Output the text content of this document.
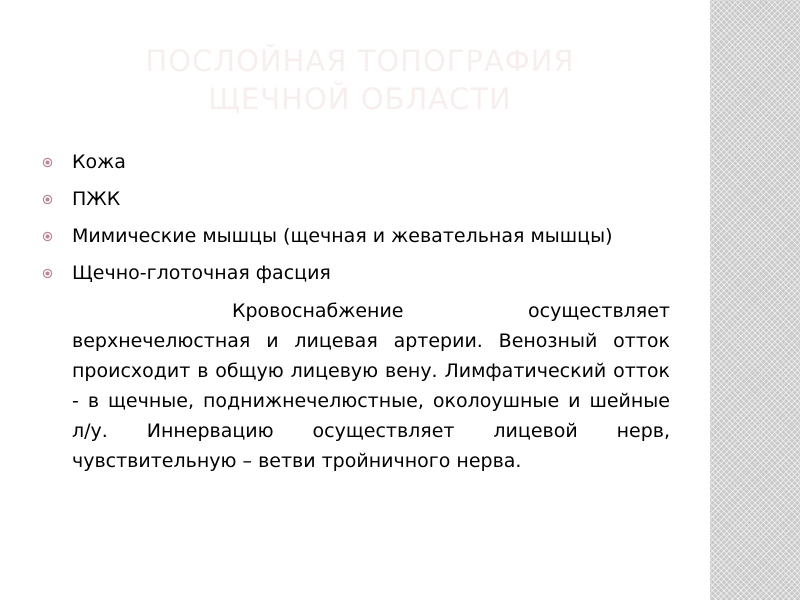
ПОСЛОЙНАЯ ТОПОГРАФИЯ
ЩЕЧНОЙ ОБЛАСТИ
Кожа
ПЖК
Мимические мышцы (щечная и жевательная мышцы)
Щечно-глоточная фасция

Кровоснабжение осуществляет верхнечелюстная и лицевая артерии. Венозный отток происходит в общую лицевую вену. Лимфатический отток - в щечные, поднижнечелюстные, околоушные и шейные л/у. Иннервацию осуществляет лицевой нерв, чувствительную – ветви тройничного нерва.
